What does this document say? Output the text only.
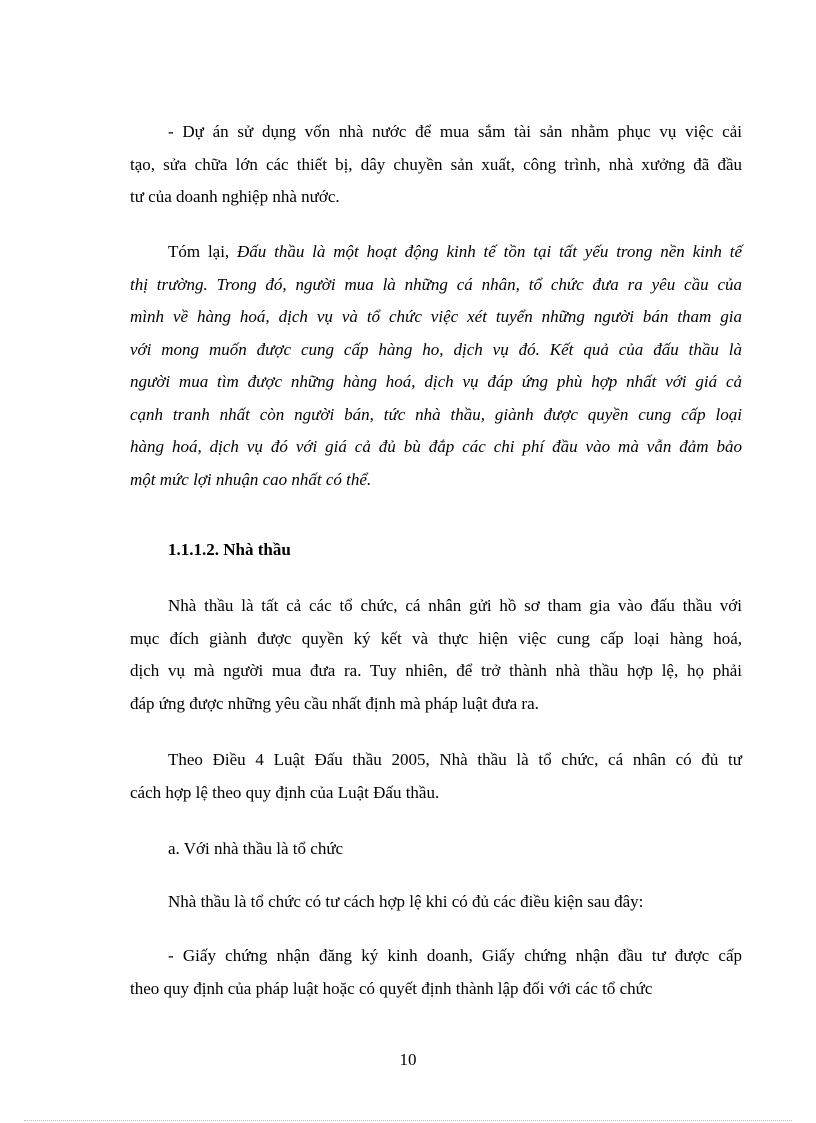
- Dự án sử dụng vốn nhà nước để mua sắm tài sản nhằm phục vụ việc cải
tạo, sửa chữa lớn các thiết bị, dây chuyền sản xuất, công trình, nhà xưởng đã đầu
tư của doanh nghiệp nhà nước.
Tóm lại, Đấu thầu là một hoạt động kinh tế tồn tại tất yếu trong nền kinh tế
thị trường. Trong đó, người mua là những cá nhân, tổ chức đưa ra yêu cầu của
mình về hàng hoá, dịch vụ và tổ chức việc xét tuyển những người bán tham gia
với mong muốn được cung cấp hàng ho, dịch vụ đó. Kết quả của đấu thầu là
người mua tìm được những hàng hoá, dịch vụ đáp ứng phù hợp nhất với giá cả
cạnh tranh nhất còn người bán, tức nhà thầu, giành được quyền cung cấp loại
hàng hoá, dịch vụ đó với giá cả đủ bù đắp các chi phí đầu vào mà vẫn đảm bảo
một mức lợi nhuận cao nhất có thể.
1.1.1.2. Nhà thầu
Nhà thầu là tất cả các tổ chức, cá nhân gửi hồ sơ tham gia vào đấu thầu với
mục đích giành được quyền ký kết và thực hiện việc cung cấp loại hàng hoá,
dịch vụ mà người mua đưa ra. Tuy nhiên, để trở thành nhà thầu hợp lệ, họ phải
đáp ứng được những yêu cầu nhất định mà pháp luật đưa ra.
Theo Điều 4 Luật Đấu thầu 2005, Nhà thầu là tổ chức, cá nhân có đủ tư
cách hợp lệ theo quy định của Luật Đấu thầu.
a. Với nhà thầu là tổ chức
Nhà thầu là tổ chức có tư cách hợp lệ khi có đủ các điều kiện sau đây:
- Giấy chứng nhận đăng ký kinh doanh, Giấy chứng nhận đầu tư được cấp
theo quy định của pháp luật hoặc có quyết định thành lập đối với các tổ chức
10
